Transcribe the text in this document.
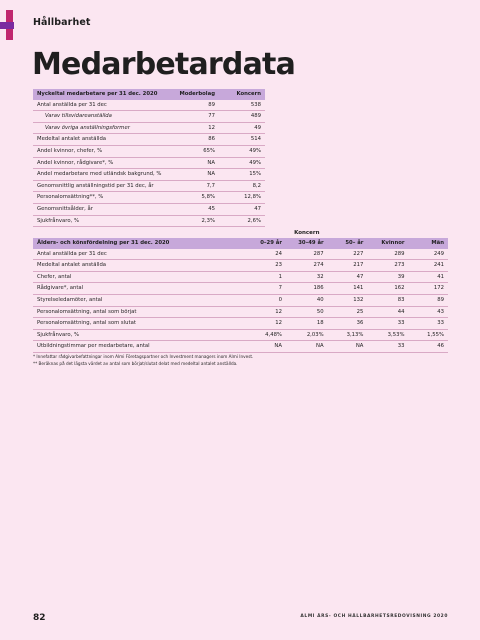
Hållbarhet
Medarbetardata
Nyckeltal medarbetare per 31 dec. 2020	Moderbolag	Koncern
Antal anställda per 31 dec	89	538
Varav tillsvidareanställda	77	489
Varav övriga anställningsformer	12	49
Medeltal antalet anställda	86	514
Andel kvinnor, chefer, %	65%	49%
Andel kvinnor, rådgivare*, %	NA	49%
Andel medarbetare med utländsk bakgrund, %	NA	15%
Genomsnittlig anställningstid per 31 dec, år	7,7	8,2
Personalomsättning**, %	5,8%	12,8%
Genomsnittsålder, år	45	47
Sjukfrånvaro, %	2,3%	2,6%
			Koncern			
Ålders- och könsfördelning per 31 dec. 2020		0–29 år	30–49 år	50– år	Kvinnor	Män
Antal anställda per 31 dec		24	287	227	289	249
Medeltal antalet anställda		23	274	217	273	241
Chefer, antal		1	32	47	39	41
Rådgivare*, antal		7	186	141	162	172
Styrelseledamöter, antal		0	40	132	83	89
Personalomsättning, antal som börjat		12	50	25	44	43
Personalomsättning, antal som slutat		12	18	36	33	33
Sjukfrånvaro, %		4,48%	2,03%	3,13%	3,53%	1,55%
Utbildningstimmar per medarbetare, antal		NA	NA	NA	33	46
* Innefattar rådgivarbefattningar inom Almi Företagspartner och Investment managers inom Almi Invest.
** Beräknas på det lägsta värdet av antal som börjat/slutat delat med medeltal antalet anställda.
82	ALMI ÅRS- OCH HÅLLBARHETSREDOVISNING 2020
